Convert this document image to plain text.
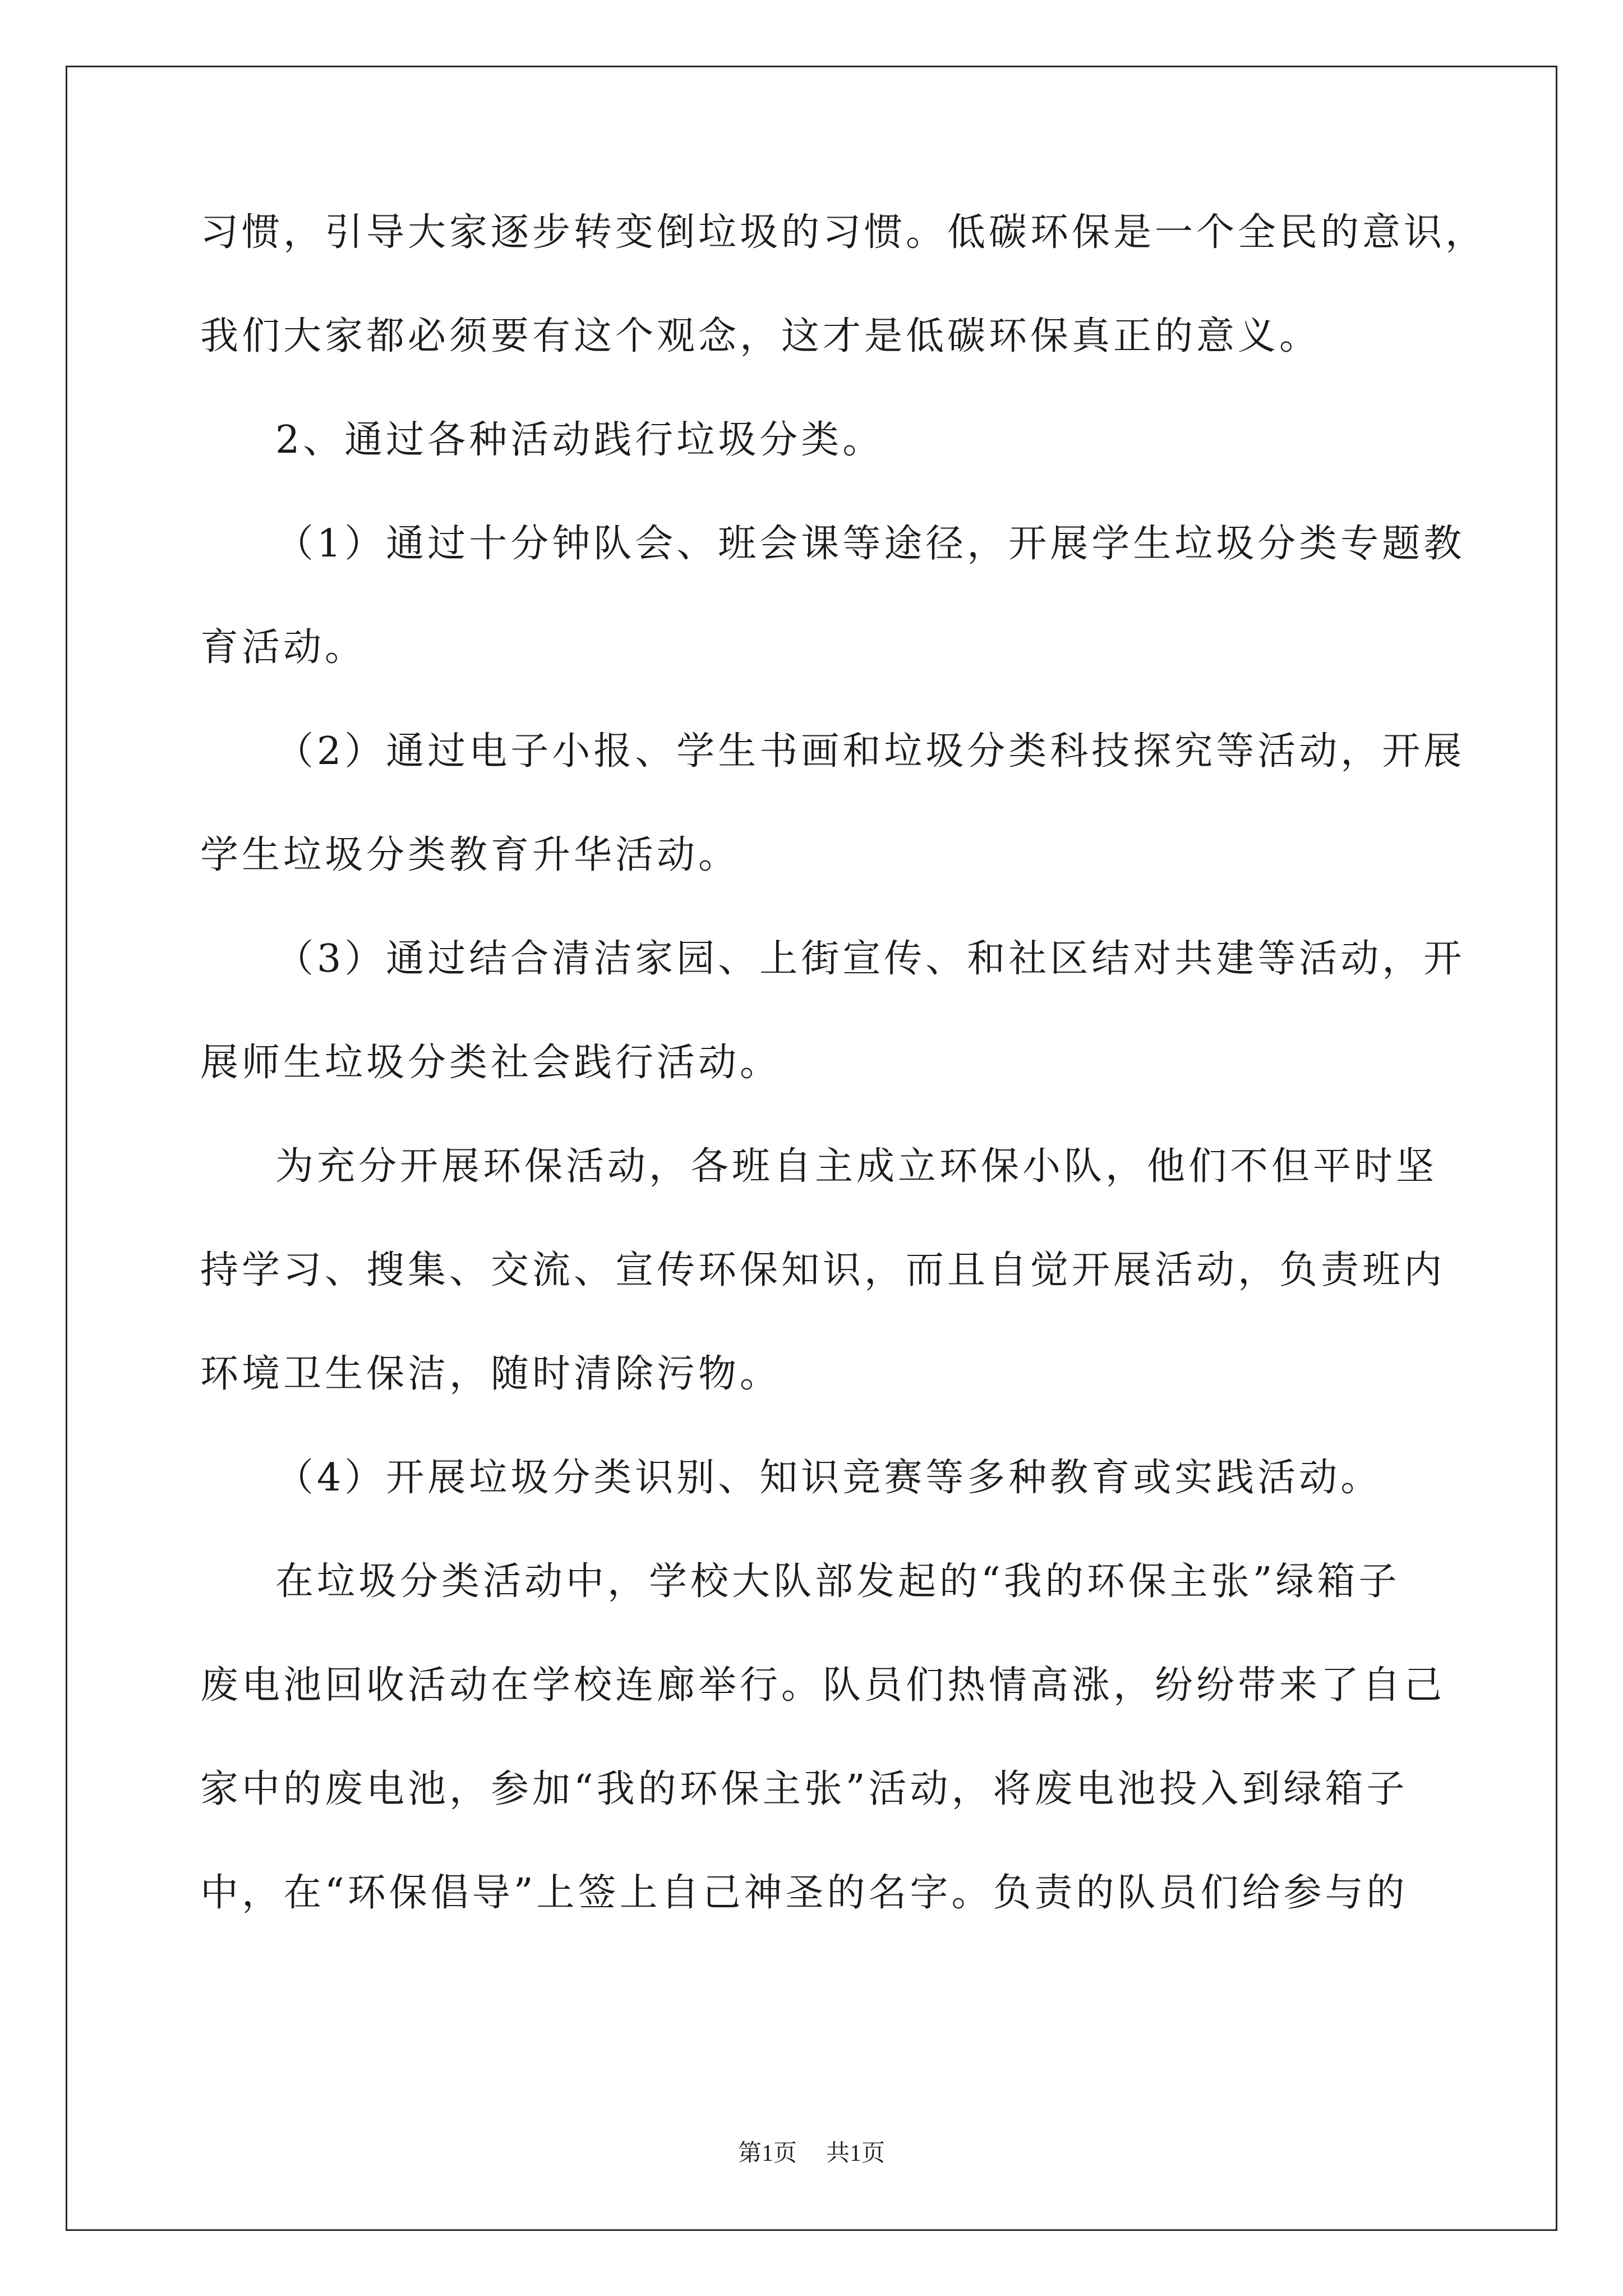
习惯，引导大家逐步转变倒垃圾的习惯。低碳环保是一个全民的意识，
我们大家都必须要有这个观念，这才是低碳环保真正的意义。
2、通过各种活动践行垃圾分类。
（1）通过十分钟队会、班会课等途径，开展学生垃圾分类专题教
育活动。
（2）通过电子小报、学生书画和垃圾分类科技探究等活动，开展
学生垃圾分类教育升华活动。
（3）通过结合清洁家园、上街宣传、和社区结对共建等活动，开
展师生垃圾分类社会践行活动。
为充分开展环保活动，各班自主成立环保小队，他们不但平时坚
持学习、搜集、交流、宣传环保知识，而且自觉开展活动，负责班内
环境卫生保洁，随时清除污物。
（4）开展垃圾分类识别、知识竞赛等多种教育或实践活动。
在垃圾分类活动中，学校大队部发起的“我的环保主张”绿箱子
废电池回收活动在学校连廊举行。队员们热情高涨，纷纷带来了自己
家中的废电池，参加“我的环保主张”活动，将废电池投入到绿箱子
中，在“环保倡导”上签上自己神圣的名字。负责的队员们给参与的
第1页 共1页
